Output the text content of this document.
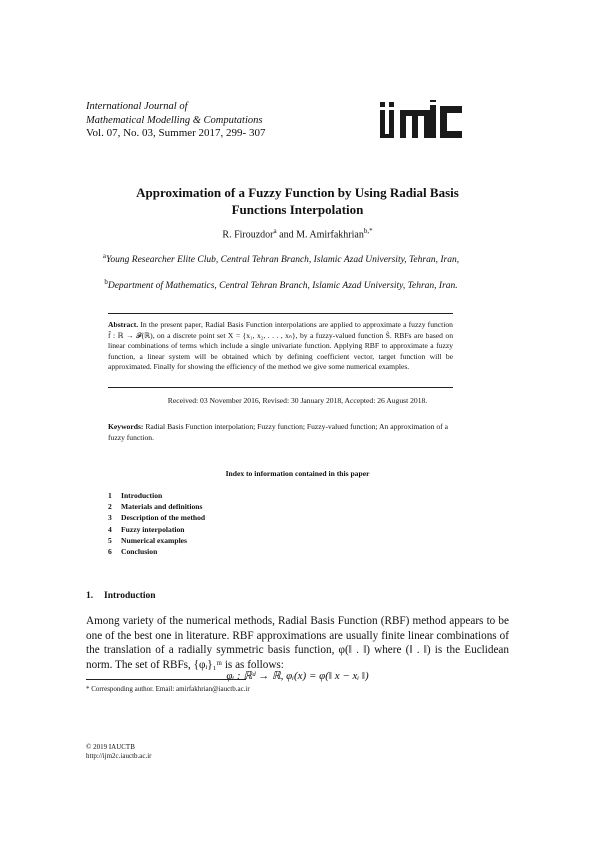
International Journal of
Mathematical Modelling & Computations
Vol. 07, No. 03, Summer 2017, 299- 307
Approximation of a Fuzzy Function by Using Radial Basis
Functions Interpolation
R. Firouzdor$^a$ and M. Amirfakhrian$^{b,*}$
$^a$Young Researcher Elite Club, Central Tehran Branch, Islamic Azad University, Tehran, Iran,
$^b$Department of Mathematics, Central Tehran Branch, Islamic Azad University, Tehran, Iran.
Abstract. In the present paper, Radial Basis Function interpolations are applied to approximate a fuzzy function f̃ : ℝ → 𝓕(ℝ), on a discrete point set X = {x₁, x₂, . . . , xₙ}, by a fuzzy-valued function S̃. RBFs are based on linear combinations of terms which include a single univariate function. Applying RBF to approximate a fuzzy function, a linear system will be obtained which by defining coefficient vector, target function will be approximated. Finally for showing the efficiency of the method we give some numerical examples.
Received: 03 November 2016, Revised: 30 January 2018, Accepted: 26 August 2018.
Keywords: Radial Basis Function interpolation; Fuzzy function; Fuzzy-valued function; An approximation of a fuzzy function.
Index to information contained in this paper
1 Introduction
2 Materials and definitions
3 Description of the method
4 Fuzzy interpolation
5 Numerical examples
6 Conclusion
1. Introduction
Among variety of the numerical methods, Radial Basis Function (RBF) method appears to be one of the best one in literature. RBF approximations are usually finite linear combinations of the translation of a radially symmetric basis function, φ(‖ . ‖) where (‖ . ‖) is the Euclidean norm. The set of RBFs, {φᵢ}₁ᵐ is as follows:
φᵢ : ℝᵈ → ℝ, φᵢ(x) = φ(‖ x − xᵢ ‖)
* Corresponding author. Email: amirfakhrian@iauctb.ac.ir
© 2019 IAUCTB
http://ijm2c.iauctb.ac.ir
